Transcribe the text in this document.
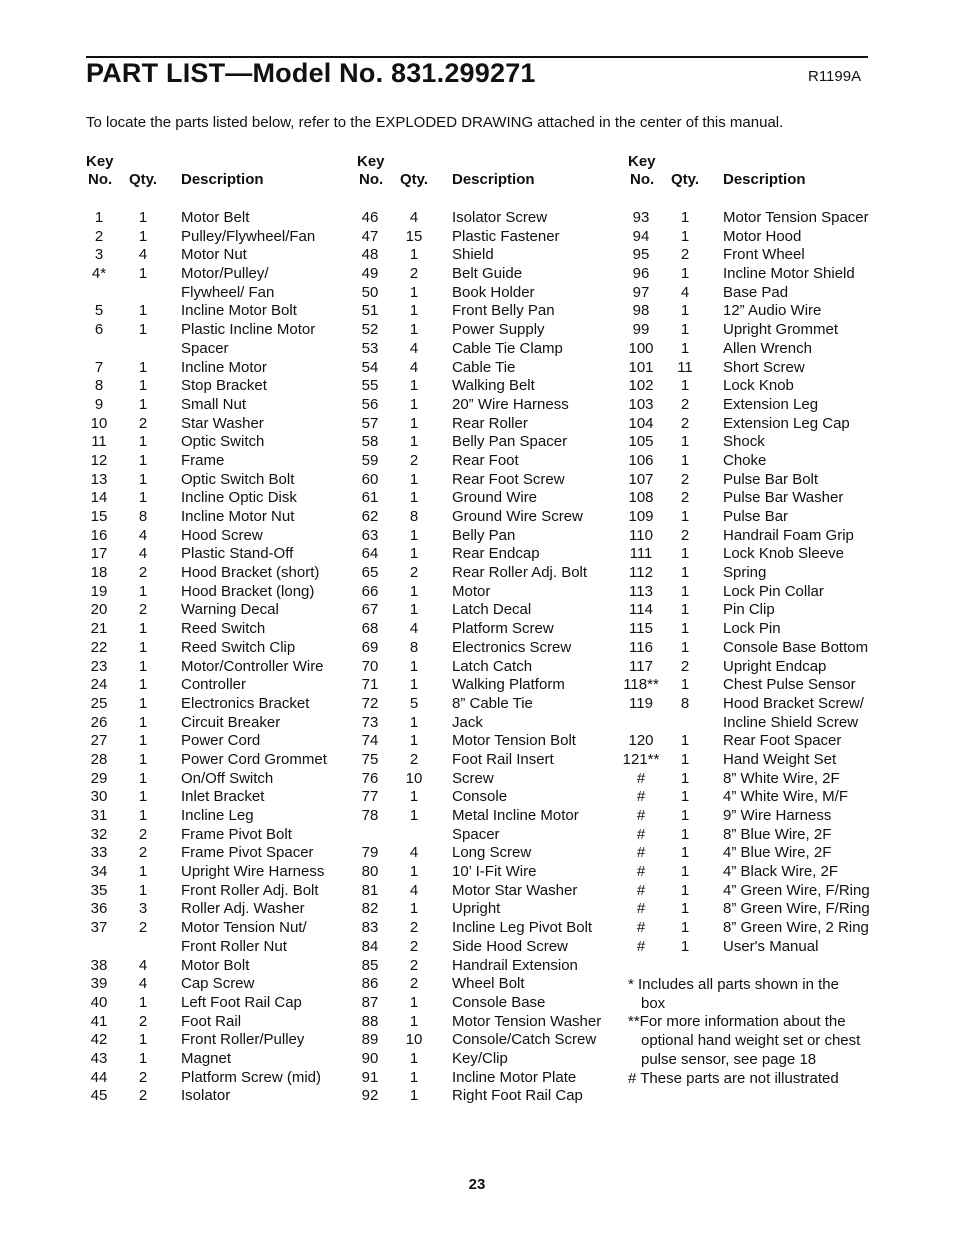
PART LIST—Model No. 831.299271	R1199A
To locate the parts listed below, refer to the EXPLODED DRAWING attached in the center of this manual.
Key
No. Qty. Description
1	1	Motor Belt
2	1	Pulley/Flywheel/Fan
3	4	Motor Nut
4*	1	Motor/Pulley/
Flywheel/ Fan
5	1	Incline Motor Bolt
6	1	Plastic Incline Motor
Spacer
7	1	Incline Motor
8	1	Stop Bracket
9	1	Small Nut
10	2	Star Washer
11	1	Optic Switch
12	1	Frame
13	1	Optic Switch Bolt
14	1	Incline Optic Disk
15	8	Incline Motor Nut
16	4	Hood Screw
17	4	Plastic Stand-Off
18	2	Hood Bracket (short)
19	1	Hood Bracket (long)
20	2	Warning Decal
21	1	Reed Switch
22	1	Reed Switch Clip
23	1	Motor/Controller Wire
24	1	Controller
25	1	Electronics Bracket
26	1	Circuit Breaker
27	1	Power Cord
28	1	Power Cord Grommet
29	1	On/Off Switch
30	1	Inlet Bracket
31	1	Incline Leg
32	2	Frame Pivot Bolt
33	2	Frame Pivot Spacer
34	1	Upright Wire Harness
35	1	Front Roller Adj. Bolt
36	3	Roller Adj. Washer
37	2	Motor Tension Nut/
Front Roller Nut
38	4	Motor Bolt
39	4	Cap Screw
40	1	Left Foot Rail Cap
41	2	Foot Rail
42	1	Front Roller/Pulley
43	1	Magnet
44	2	Platform Screw (mid)
45	2	Isolator
Key
No. Qty. Description
46	4	Isolator Screw
47	15	Plastic Fastener
48	1	Shield
49	2	Belt Guide
50	1	Book Holder
51	1	Front Belly Pan
52	1	Power Supply
53	4	Cable Tie Clamp
54	4	Cable Tie
55	1	Walking Belt
56	1	20” Wire Harness
57	1	Rear Roller
58	1	Belly Pan Spacer
59	2	Rear Foot
60	1	Rear Foot Screw
61	1	Ground Wire
62	8	Ground Wire Screw
63	1	Belly Pan
64	1	Rear Endcap
65	2	Rear Roller Adj. Bolt
66	1	Motor
67	1	Latch Decal
68	4	Platform Screw
69	8	Electronics Screw
70	1	Latch Catch
71	1	Walking Platform
72	5	8” Cable Tie
73	1	Jack
74	1	Motor Tension Bolt
75	2	Foot Rail Insert
76	10	Screw
77	1	Console
78	1	Metal Incline Motor
Spacer
79	4	Long Screw
80	1	10’ I-Fit Wire
81	4	Motor Star Washer
82	1	Upright
83	2	Incline Leg Pivot Bolt
84	2	Side Hood Screw
85	2	Handrail Extension
86	2	Wheel Bolt
87	1	Console Base
88	1	Motor Tension Washer
89	10	Console/Catch Screw
90	1	Key/Clip
91	1	Incline Motor Plate
92	1	Right Foot Rail Cap
Key
No. Qty. Description
93	1	Motor Tension Spacer
94	1	Motor Hood
95	2	Front Wheel
96	1	Incline Motor Shield
97	4	Base Pad
98	1	12” Audio Wire
99	1	Upright Grommet
100	1	Allen Wrench
101	11	Short Screw
102	1	Lock Knob
103	2	Extension Leg
104	2	Extension Leg Cap
105	1	Shock
106	1	Choke
107	2	Pulse Bar Bolt
108	2	Pulse Bar Washer
109	1	Pulse Bar
110	2	Handrail Foam Grip
111	1	Lock Knob Sleeve
112	1	Spring
113	1	Lock Pin Collar
114	1	Pin Clip
115	1	Lock Pin
116	1	Console Base Bottom
117	2	Upright Endcap
118**	1	Chest Pulse Sensor
119	8	Hood Bracket Screw/
Incline Shield Screw
120	1	Rear Foot Spacer
121**	1	Hand Weight Set
#	1	8” White Wire, 2F
#	1	4” White Wire, M/F
#	1	9” Wire Harness
#	1	8” Blue Wire, 2F
#	1	4” Blue Wire, 2F
#	1	4” Black Wire, 2F
#	1	4” Green Wire, F/Ring
#	1	8” Green Wire, F/Ring
#	1	8” Green Wire, 2 Ring
#	1	User's Manual
* Includes all parts shown in the
box
**For more information about the
optional hand weight set or chest
pulse sensor, see page 18
# These parts are not illustrated
23
